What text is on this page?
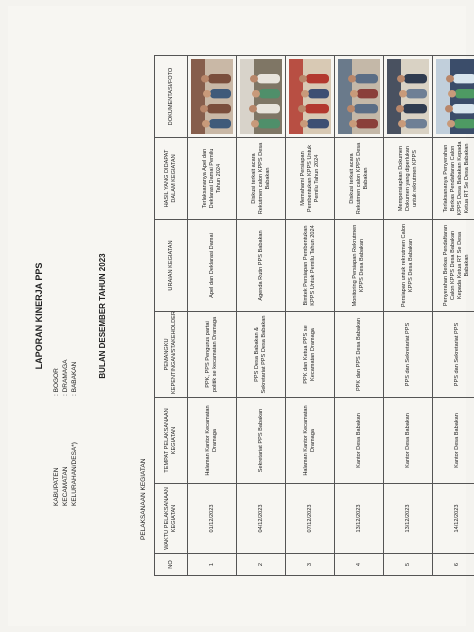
LAPORAN KINERJA PPS
KABUPATEN
: BOGOR
KECAMATAN
: DRAMAGA
KELURAHAN/DESA*)
: BABAKAN
BULAN DESEMBER TAHUN 2023
PELAKSANAAN KEGIATAN
NO	WAKTU PELAKSANAAN KEGIATAN	TEMPAT PELAKSANAAN KEGIATAN	PEMANGKU KEPENTINGAN/STAKEHOLDER	URAIAN KEGIATAN	HASIL YANG DIDAPAT DALAM KEGIATAN	DOKUMENTASI/FOTO
1	01/12/2023	Halaman Kantor Kecamatan Dramaga	PPK, PPS Pengurus partai politik se kecamatan Dramaga	Apel dan Deklarasi Damai	Terlaksananya Apel dan Deklarasi Damai Pemilu Tahun 2024	

2	04/12/2023	Sekretariat PPS Babakan	PPS Desa Babakan & Sekretariat PPS Desa Babakan	Agenda Rutin PPS Babakan	Diskusi terkait acara Rekutmen calon KPPS Desa Babakan	

3	07/12/2023	Halaman Kantor Kecamatan Dramaga	PPK dan Ketua PPS se Kecamatan Dramaga	Bimtek Persiapan Pembentukan KPPS Untuk Pemilu Tahun 2024	Memahami Persiapan Pembentukan KPPS Untuk Pemilu Tahun 2024	

4	13/12/2023	Kantor Desa Babakan	PPK dan PPS Desa Babakan	Monitoring Persiapan Rekrutmen KPPS Desa Babakan	Diskusi terkait acara Rekutmen calon KPPS Desa Babakan	

5	13/12/2023	Kantor Desa Babakan	PPS dan Sekretariat PPS	Persiapan untuk rekrutmen Calon KPPS Desa Babakan	Mempersiapkan Dokumen Dokumen yang diperlukan untuk rekrutmen KPPS	

6	14/12/2023	Kantor Desa Babakan	PPS dan Sekretariat PPS	Penyerahan Berkas Pendaftaran Calon KPPS Desa Babakan Kepada Ketua RT Se Desa Babakan	Terlaksananya Penyerahan Berkas Pendaftaran Calon KPPS Desa Babakan Kepada Ketua RT Se Desa Babakan	
